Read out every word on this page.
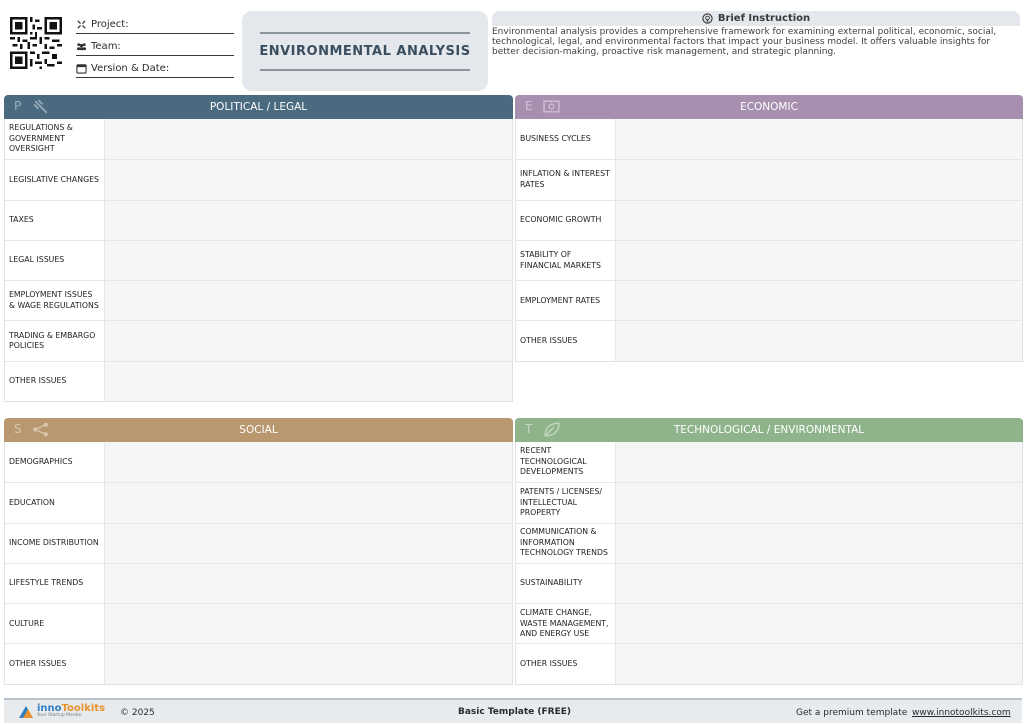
Project:
Team:
Version & Date:
ENVIRONMENTAL ANALYSIS
Brief Instruction
Environmental analysis provides a comprehensive framework for examining external political, economic, social, technological, legal, and environmental factors that impact your business model. It offers valuable insights for better decision-making, proactive risk management, and strategic planning.
P	POLITICAL / LEGAL
REGULATIONS & GOVERNMENT OVERSIGHT
LEGISLATIVE CHANGES
TAXES
LEGAL ISSUES
EMPLOYMENT ISSUES & WAGE REGULATIONS
TRADING & EMBARGO POLICIES
OTHER ISSUES
E	ECONOMIC
BUSINESS CYCLES
INFLATION & INTEREST RATES
ECONOMIC GROWTH
STABILITY OF FINANCIAL MARKETS
EMPLOYMENT RATES
OTHER ISSUES
S	SOCIAL
DEMOGRAPHICS
EDUCATION
INCOME DISTRIBUTION
LIFESTYLE TRENDS
CULTURE
OTHER ISSUES
T	TECHNOLOGICAL / ENVIRONMENTAL
RECENT TECHNOLOGICAL DEVELOPMENTS
PATENTS / LICENSES/ INTELLECTUAL PROPERTY
COMMUNICATION & INFORMATION TECHNOLOGY TRENDS
SUSTAINABILITY
CLIMATE CHANGE, WASTE MANAGEMENT, AND ENERGY USE
OTHER ISSUES
innoToolkits
Your Startup Mentor	© 2025	Basic Template (FREE)	Get a premium template www.innotoolkits.com
